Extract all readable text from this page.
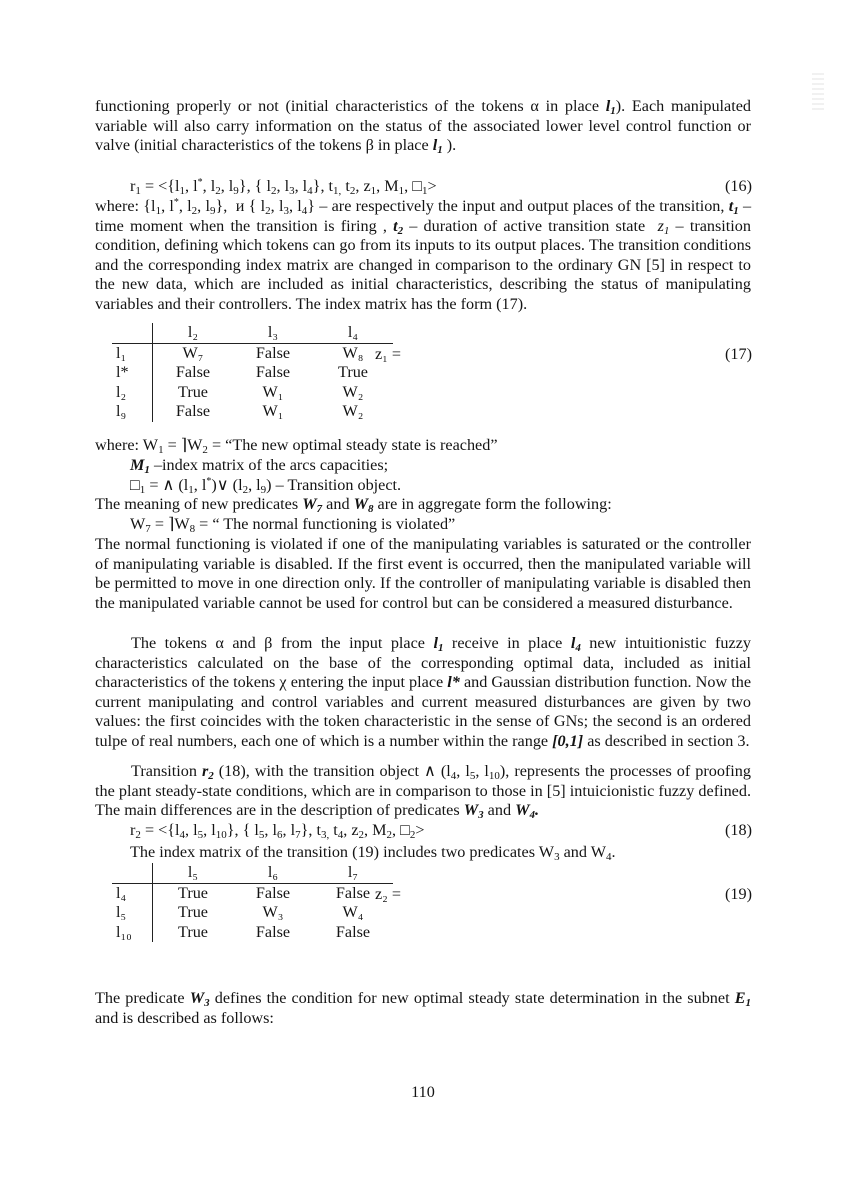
functioning properly or not (initial characteristics of the tokens α in place $l_1$). Each manipulated variable will also carry information on the status of the associated lower level control function or valve (initial characteristics of the tokens β in place $l_1$ ).
$r_1 = <\{l_1$, l*, $l_2$, $l_9$}, { $l_2$, $l_3$, $l_4$}, $t_{1,}$ $t_2$, $z_1$, $M_1$, $□_1>$	(16)
where: {$l_1$, l*, $l_2$, $l_9$},  и { $l_2$, $l_3$, $l_4$} – are respectively the input and output places of the transition, $t_1$ – time moment when the transition is firing , $t_2$ – duration of active transition state  $z_1$ – transition condition, defining which tokens can go from its inputs to its output places. The transition conditions and the corresponding index matrix are changed in comparison to the ordinary GN [5] in respect to the new data, which are included as initial characteristics, describing the status of manipulating variables and their controllers. The index matrix has the form (17).
	l₂	l₃	l₄
l₁	W₇	False	W₈
l*	False	False	True
l₂	True	W₁	W₂
l₉	False	W₁	W₂
z₁ =	(17)
where: $W_1$ = $⌉W_2$ = “The new optimal steady state is reached”
$M_1$ –index matrix of the arcs capacities;
$□_1$ = ∧ ($l_1$, l*)∨ ($l_2$, $l_9$) – Transition object.
The meaning of new predicates $W_7$ and $W_8$ are in aggregate form the following:
$W_7$ = $⌉W_8$ = “ The normal functioning is violated”
The normal functioning is violated if one of the manipulating variables is saturated or the controller of manipulating variable is disabled. If the first event is occurred, then the manipulated variable will be permitted to move in one direction only. If the controller of manipulating variable is disabled then the manipulated variable cannot be used for control but can be considered a measured disturbance.
The tokens α and β from the input place $l_1$ receive in place $l_4$ new intuitionistic fuzzy characteristics calculated on the base of the corresponding optimal data, included as initial characteristics of the tokens χ entering the input place l* and Gaussian distribution function. Now the current manipulating and control variables and current measured disturbances are given by two values: the first coincides with the token characteristic in the sense of GNs; the second is an ordered tulpe of real numbers, each one of which is a number within the range [0,1] as described in section 3.
Transition $r_2$ (18), with the transition object ∧ ($l_4$, $l_5$, $l_{10}$), represents the processes of proofing the plant steady-state conditions, which are in comparison to those in [5] intuicionistic fuzzy defined. The main differences are in the description of predicates $W_3$ and $W_4$.
$r_2 = <\{l_4$, $l_5$, $l_{10}$}, { $l_5$, $l_6$, $l_7$}, $t_{3,}$ $t_4$, $z_2$, $M_2$, $□_2>$	(18)
The index matrix of the transition (19) includes two predicates $W_3$ and $W_4$.
	l₅	l₆	l₇
l₄	True	False	False
l₅	True	W₃	W₄
l₁₀	True	False	False
z₂ =	(19)
The predicate $W_3$ defines the condition for new optimal steady state determination in the subnet $E_1$ and is described as follows:
110
